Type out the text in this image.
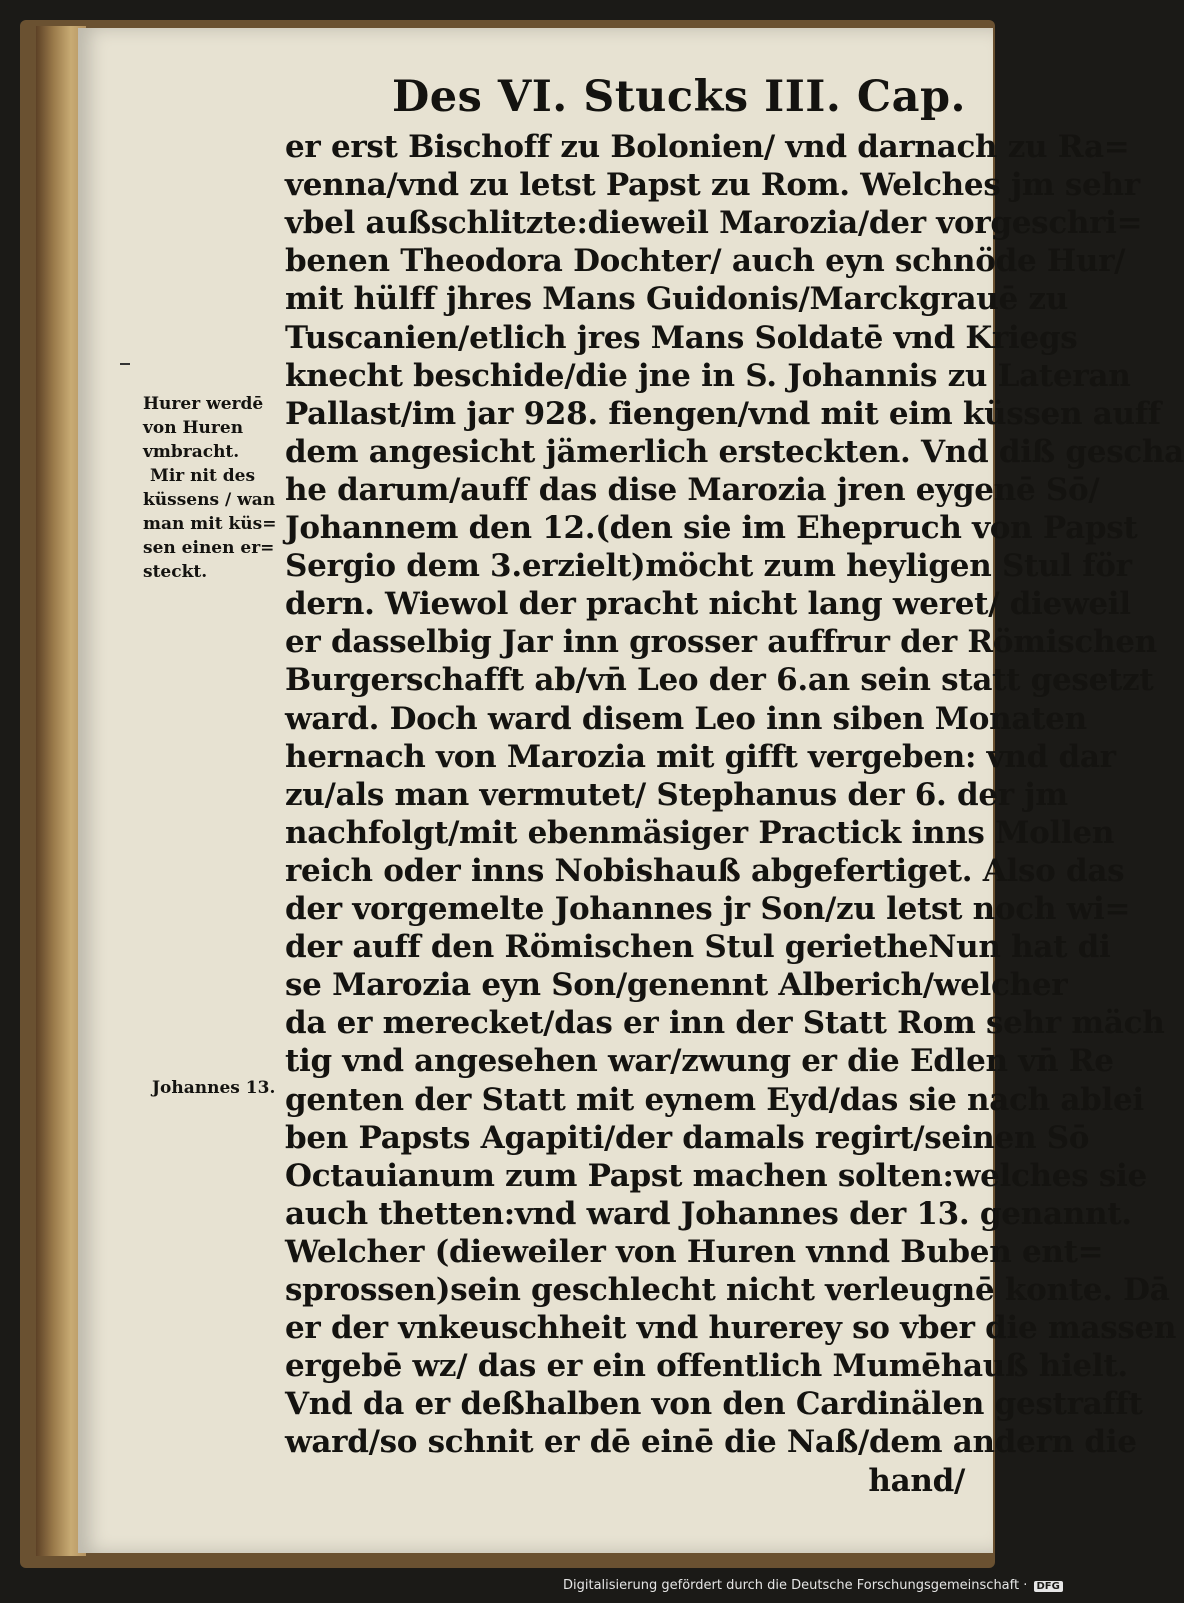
Des VI. Stucks III. Cap.
er erst Bischoff zu Bolonien/ vnd darnach zu Ra=
venna/vnd zu letst Papst zu Rom. Welches jm sehr
vbel außschlitzte:dieweil Marozia/der vorgeschri=
benen Theodora Dochter/ auch eyn schnöde Hur/
mit hülff jhres Mans Guidonis/Marckgrauē zu
Tuscanien/etlich jres Mans Soldatē vnd Kriegs
knecht beschide/die jne in S. Johannis zu Lateran
Pallast/im jar 928. fiengen/vnd mit eim küssen auff
dem angesicht jämerlich ersteckten. Vnd diß gescha
he darum/auff das dise Marozia jren eygenē Sō/
Johannem den 12.(den sie im Ehepruch von Papst
Sergio dem 3.erzielt)möcht zum heyligen Stul för
dern. Wiewol der pracht nicht lang weret/ dieweil
er dasselbig Jar inn grosser auffrur der Römischen
Burgerschafft ab/vn̄ Leo der 6.an sein statt gesetzt
ward. Doch ward disem Leo inn siben Monaten
hernach von Marozia mit gifft vergeben: vnd dar
zu/als man vermutet/ Stephanus der 6. der jm
nachfolgt/mit ebenmäsiger Practick inns Mollen
reich oder inns Nobishauß abgefertiget. Also das
der vorgemelte Johannes jr Son/zu letst noch wi=
der auff den Römischen Stul gerietheNun hat di
se Marozia eyn Son/genennt Alberich/welcher
da er merecket/das er inn der Statt Rom sehr mäch
tig vnd angesehen war/zwung er die Edlen vn̄ Re
genten der Statt mit eynem Eyd/das sie nach ablei
ben Papsts Agapiti/der damals regirt/seinen Sō
Octauianum zum Papst machen solten:welches sie
auch thetten:vnd ward Johannes der 13. genannt.
Welcher (dieweiler von Huren vnnd Buben ent=
sprossen)sein geschlecht nicht verleugnē konte. Dā
er der vnkeuschheit vnd hurerey so vber die massen
ergebē wz/ das er ein offentlich Mumēhauß hielt.
Vnd da er deßhalben von den Cardinälen gestrafft
ward/so schnit er dē einē die Naß/dem andern die
hand/
Hurer werdē
von Huren
vmbracht.
Mir nit des
küssens / wan
man mit küs=
sen einen er=
steckt.
Johannes 13.
Digitalisierung gefördert durch die Deutsche Forschungsgemeinschaft · DFG
